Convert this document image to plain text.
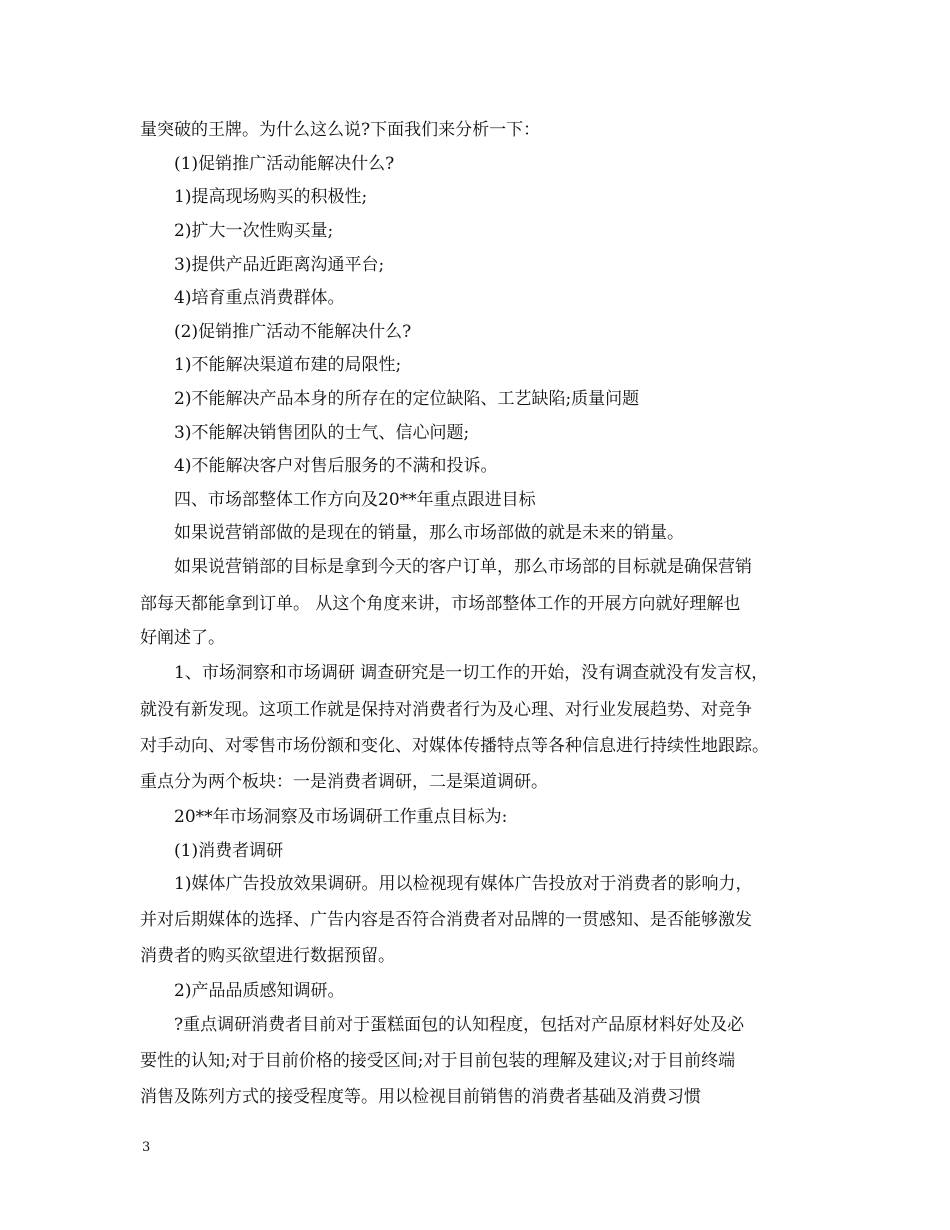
量突破的王牌。为什么这么说?下面我们来分析一下：
(1)促销推广活动能解决什么?
1)提高现场购买的积极性;
2)扩大一次性购买量;
3)提供产品近距离沟通平台;
4)培育重点消费群体。
(2)促销推广活动不能解决什么?
1)不能解决渠道布建的局限性;
2)不能解决产品本身的所存在的定位缺陷、工艺缺陷;质量问题
3)不能解决销售团队的士气、信心问题;
4)不能解决客户对售后服务的不满和投诉。
四、市场部整体工作方向及20**年重点跟进目标
如果说营销部做的是现在的销量，那么市场部做的就是未来的销量。
如果说营销部的目标是拿到今天的客户订单，那么市场部的目标就是确保营销
部每天都能拿到订单。 从这个角度来讲，市场部整体工作的开展方向就好理解也
好阐述了。
1、市场洞察和市场调研 调查研究是一切工作的开始，没有调查就没有发言权，
就没有新发现。这项工作就是保持对消费者行为及心理、对行业发展趋势、对竞争
对手动向、对零售市场份额和变化、对媒体传播特点等各种信息进行持续性地跟踪。
重点分为两个板块：一是消费者调研，二是渠道调研。
20**年市场洞察及市场调研工作重点目标为:
(1)消费者调研
1)媒体广告投放效果调研。用以检视现有媒体广告投放对于消费者的影响力，
并对后期媒体的选择、广告内容是否符合消费者对品牌的一贯感知、是否能够激发
消费者的购买欲望进行数据预留。
2)产品品质感知调研。
?重点调研消费者目前对于蛋糕面包的认知程度，包括对产品原材料好处及必
要性的认知;对于目前价格的接受区间;对于目前包装的理解及建议;对于目前终端
消售及陈列方式的接受程度等。用以检视目前销售的消费者基础及消费习惯
3
